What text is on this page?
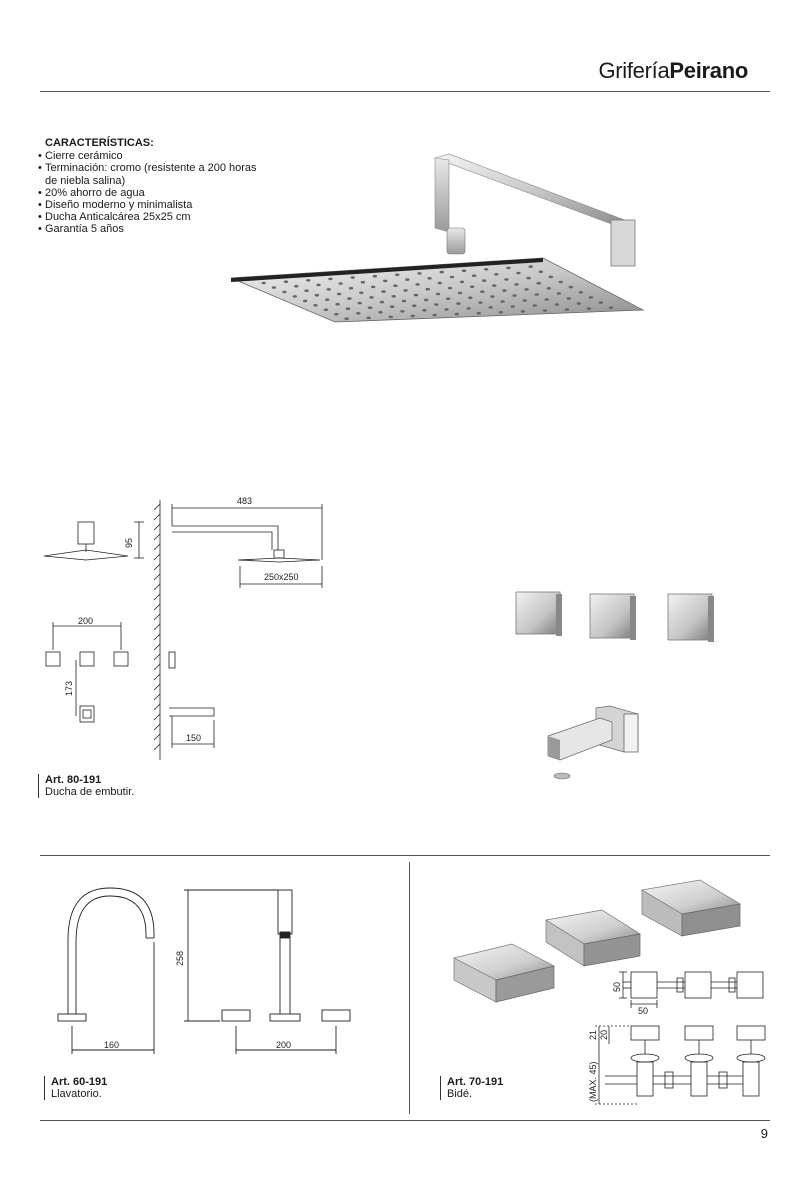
GriferíaPeirano
CARACTERÍSTICAS:
• Cierre cerámico
• Terminación: cromo (resistente a 200 horas de niebla salina)
• 20% ahorro de agua
• Diseño moderno y minimalista
• Ducha Anticalcárea 25x25 cm
• Garantía 5 años
483
95
250x250
200
173
150
Art. 80-191
Ducha de embutir.
160
258
200
Art. 60-191
Llavatorio.
50
50
21 20
(MAX. 45)
Art. 70-191
Bidé.
9
